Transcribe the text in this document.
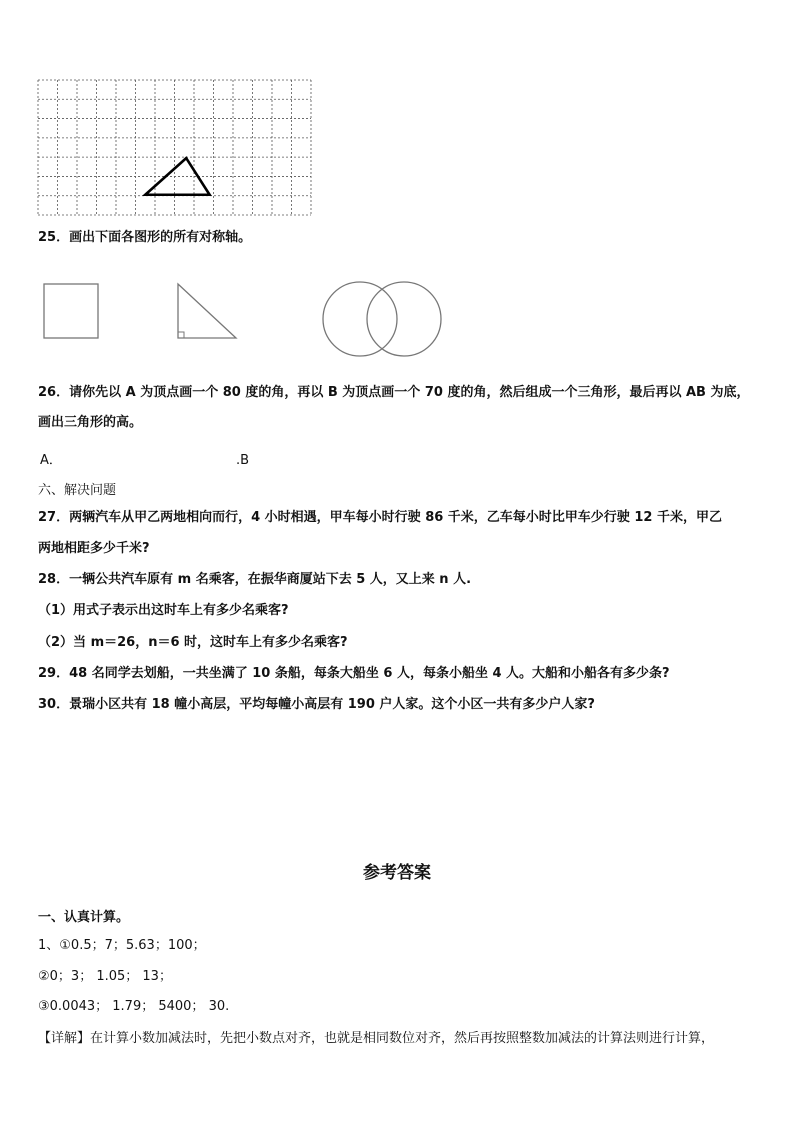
25．画出下面各图形的所有对称轴。
26．请你先以 A 为顶点画一个 80 度的角，再以 B 为顶点画一个 70 度的角，然后组成一个三角形，最后再以 AB 为底，
画出三角形的高。
A．	.B
六、解决问题
27．两辆汽车从甲乙两地相向而行，4 小时相遇，甲车每小时行驶 86 千米，乙车每小时比甲车少行驶 12 千米，甲乙
两地相距多少千米?
28．一辆公共汽车原有 m 名乘客，在振华商厦站下去 5 人，又上来 n 人.
（1）用式子表示出这时车上有多少名乘客?
（2）当 m＝26，n＝6 时，这时车上有多少名乘客?
29．48 名同学去划船，一共坐满了 10 条船，每条大船坐 6 人，每条小船坐 4 人。大船和小船各有多少条?
30．景瑞小区共有 18 幢小高层，平均每幢小高层有 190 户人家。这个小区一共有多少户人家?
参考答案
一、认真计算。
1、①0.5；7；5.63；100；
②0；3； 1.05； 13；
③0.0043； 1.79； 5400； 30.
【详解】在计算小数加减法时，先把小数点对齐，也就是相同数位对齐，然后再按照整数加减法的计算法则进行计算，
